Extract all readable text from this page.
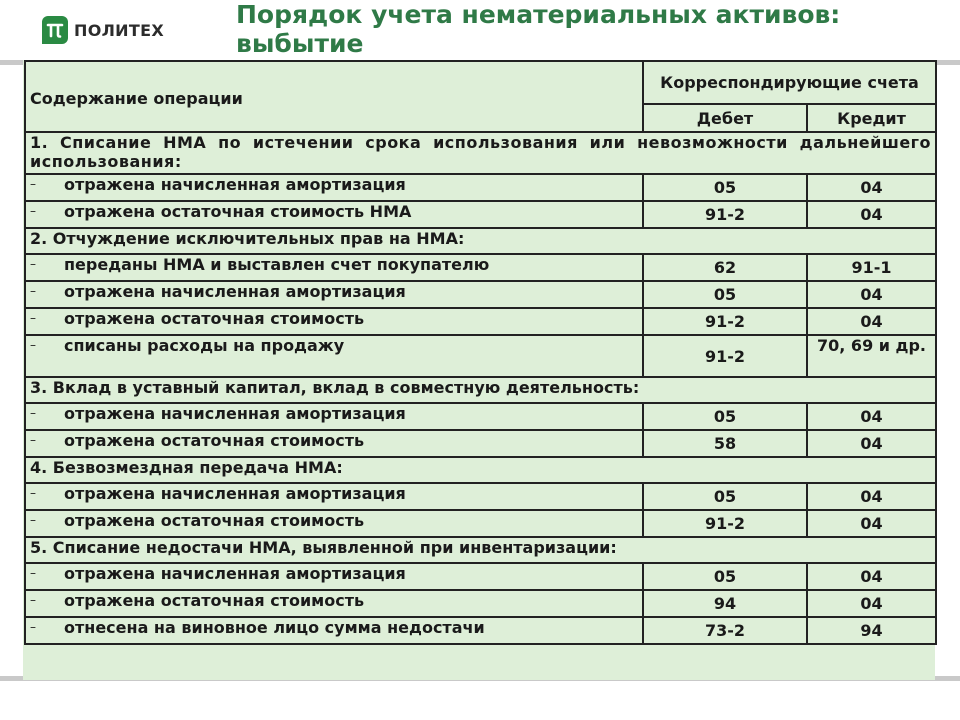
ПОЛИТЕХ
Порядок учета нематериальных активов: выбытие
Содержание операции	Корреспондирующие счета	
	Дебет	Кредит
1. Списание НМА по истечении срока использования или невозможности дальнейшего использования:		
– отражена начисленная амортизация	05	04
– отражена остаточная стоимость НМА	91-2	04
2. Отчуждение исключительных прав на НМА:		
– переданы НМА и выставлен счет покупателю	62	91-1
– отражена начисленная амортизация	05	04
– отражена остаточная стоимость	91-2	04
– списаны расходы на продажу	91-2	70, 69 и др.
3. Вклад в уставный капитал, вклад в совместную деятельность:		
– отражена начисленная амортизация	05	04
– отражена остаточная стоимость	58	04
4. Безвозмездная передача НМА:		
– отражена начисленная амортизация	05	04
– отражена остаточная стоимость	91-2	04
5. Списание недостачи НМА, выявленной при инвентаризации:		
– отражена начисленная амортизация	05	04
– отражена остаточная стоимость	94	04
– отнесена на виновное лицо сумма недостачи	73-2	94
